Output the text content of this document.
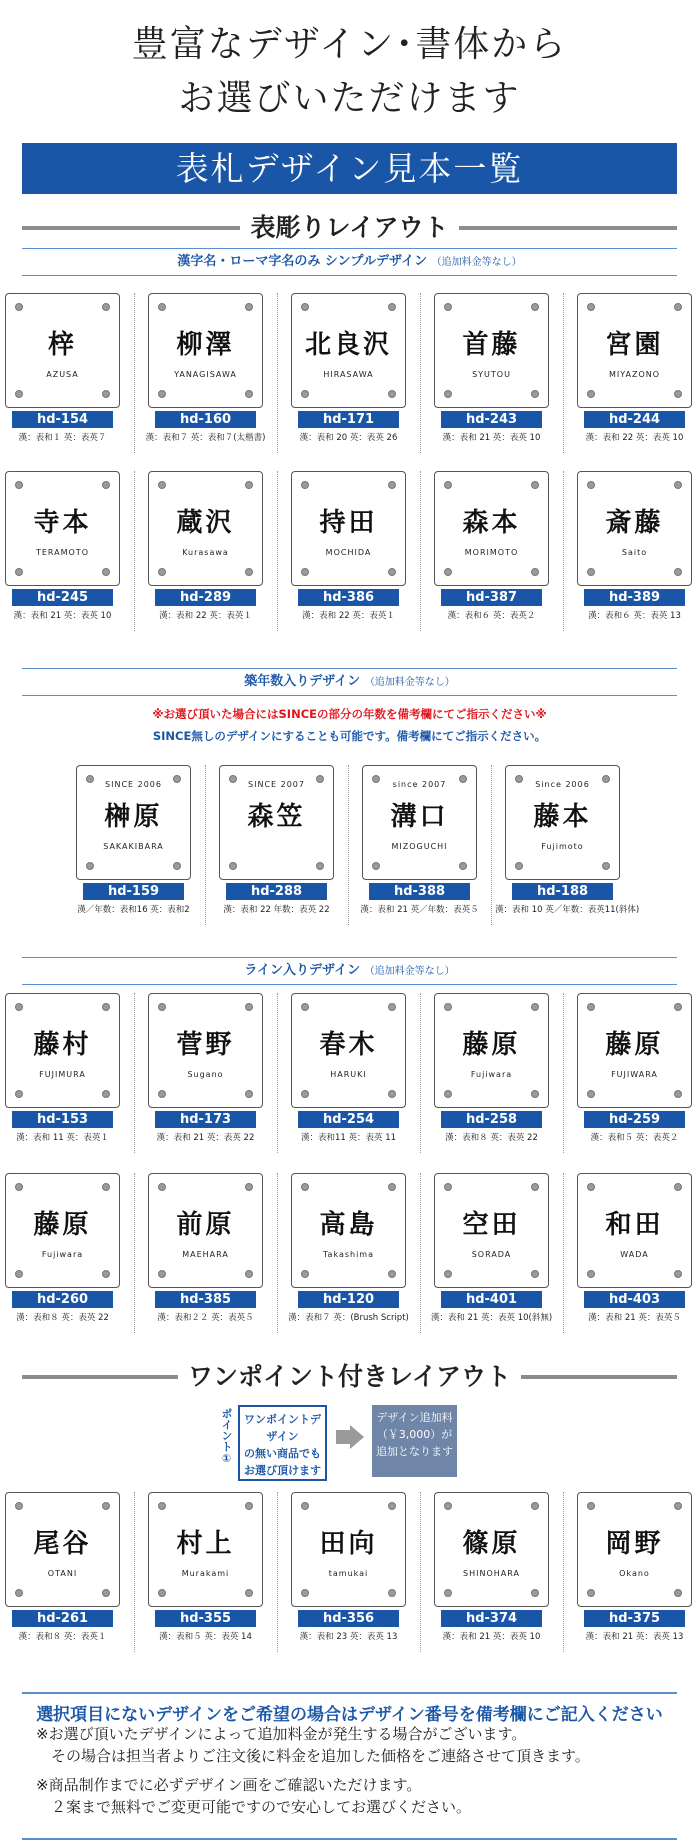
豊富なデザイン･書体から
お選びいただけます
表札デザイン見本一覧
表彫りレイアウト
漢字名・ローマ字名のみ シンプルデザイン （追加料金等なし）
梓
AZUSA
hd-154
漢：表和１ 英：表英７
柳澤
YANAGISAWA
hd-160
漢：表和７ 英：表和７(太楷書)
北良沢
HIRASAWA
hd-171
漢：表和 20 英：表英 26
首藤
SYUTOU
hd-243
漢：表和 21 英：表英 10
宮園
MIYAZONO
hd-244
漢：表和 22 英：表英 10
寺本
TERAMOTO
hd-245
漢：表和 21 英：表英 10
蔵沢
Kurasawa
hd-289
漢：表和 22 英：表英１
持田
MOCHIDA
hd-386
漢：表和 22 英：表英１
森本
MORIMOTO
hd-387
漢：表和６ 英：表英２
斎藤
Saito
hd-389
漢：表和６ 英：表英 13
築年数入りデザイン （追加料金等なし）
※お選び頂いた場合にはSINCEの部分の年数を備考欄にてご指示ください※
SINCE無しのデザインにすることも可能です。備考欄にてご指示ください。
SINCE 2006
榊原
SAKAKIBARA
hd-159
漢／年数：表和16 英：表和2
SINCE 2007
森笠
hd-288
漢：表和 22 年数：表英 22
since 2007
溝口
MIZOGUCHI
hd-388
漢：表和 21 英／年数：表英５
Since 2006
藤本
Fujimoto
hd-188
漢：表和 10 英／年数：表英11(斜体)
ライン入りデザイン （追加料金等なし）
藤村
FUJIMURA
hd-153
漢：表和 11 英：表英１
菅野
Sugano
hd-173
漢：表和 21 英：表英 22
春木
HARUKI
hd-254
漢：表和11 英：表英 11
藤原
Fujiwara
hd-258
漢：表和８ 英：表英 22
藤原
FUJIWARA
hd-259
漢：表和５ 英：表英２
藤原
Fujiwara
hd-260
漢：表和８ 英：表英 22
前原
MAEHARA
hd-385
漢：表和２２ 英：表英５
高島
Takashima
hd-120
漢：表和７ 英：(Brush Script)
空田
SORADA
hd-401
漢：表和 21 英：表英 10(斜無)
和田
WADA
hd-403
漢：表和 21 英：表英５
ワンポイント付きレイアウト
ポイント①	ワンポイントデザイン
の無い商品でも
お選び頂けます
デザイン追加料
（￥3,000）が
追加となります
尾谷
OTANI
hd-261
漢：表和８ 英：表英１
村上
Murakami
hd-355
漢：表和５ 英：表英 14
田向
tamukai
hd-356
漢：表和 23 英：表英 13
篠原
SHINOHARA
hd-374
漢：表和 21 英：表英 10
岡野
Okano
hd-375
漢：表和 21 英：表英 13
選択項目にないデザインをご希望の場合はデザイン番号を備考欄にご記入ください
※お選び頂いたデザインによって追加料金が発生する場合がございます。
　その場合は担当者よりご注文後に料金を追加した価格をご連絡させて頂きます。
※商品制作までに必ずデザイン画をご確認いただけます。
　２案まで無料でご変更可能ですので安心してお選びください。
